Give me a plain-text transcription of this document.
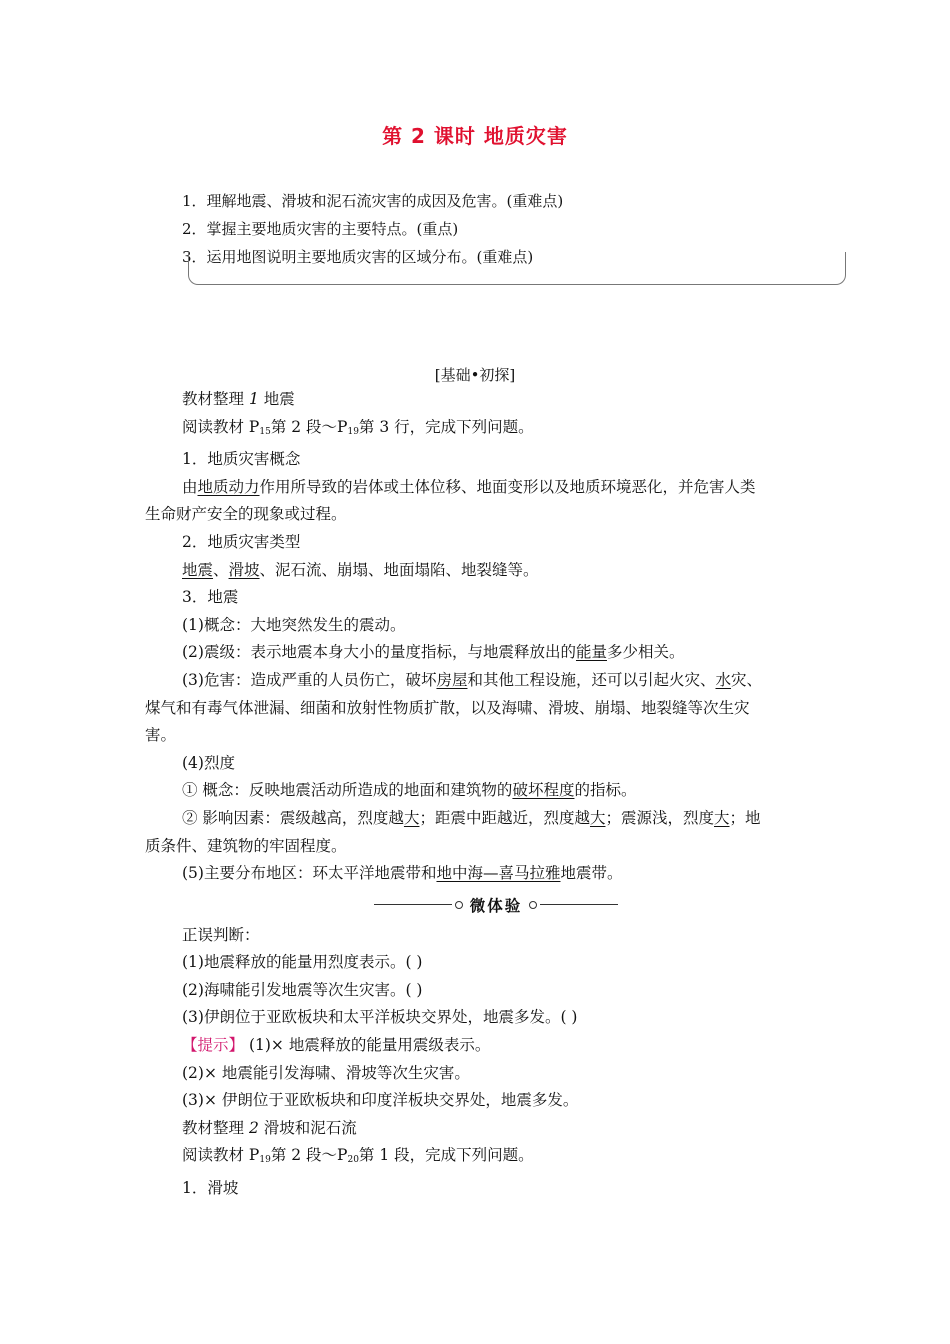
第 2 课时 地质灾害
1．理解地震、滑坡和泥石流灾害的成因及危害。(重难点)
2．掌握主要地质灾害的主要特点。(重点)
3．运用地图说明主要地质灾害的区域分布。(重难点)
[基础•初探]
教材整理 1 地震
阅读教材 $P_{15}$第 2 段$\sim P_{19}$第 3 行，完成下列问题。
1．地质灾害概念
由地质动力作用所导致的岩体或土体位移、地面变形以及地质环境恶化，并危害人类
生命财产安全的现象或过程。
2．地质灾害类型
地震、滑坡、泥石流、崩塌、地面塌陷、地裂缝等。
3．地震
(1)概念：大地突然发生的震动。
(2)震级：表示地震本身大小的量度指标，与地震释放出的能量多少相关。
(3)危害：造成严重的人员伤亡，破坏房屋和其他工程设施，还可以引起火灾、水灾、
煤气和有毒气体泄漏、细菌和放射性物质扩散，以及海啸、滑坡、崩塌、地裂缝等次生灾
害。
(4)烈度
① 概念：反映地震活动所造成的地面和建筑物的破坏程度的指标。
② 影响因素：震级越高，烈度越大；距震中距越近，烈度越大；震源浅，烈度大；地
质条件、建筑物的牢固程度。
(5)主要分布地区：环太平洋地震带和地中海—喜马拉雅地震带。
微体验
正误判断：
(1)地震释放的能量用烈度表示。( )
(2)海啸能引发地震等次生灾害。( )
(3)伊朗位于亚欧板块和太平洋板块交界处，地震多发。( )
【提示】 (1)× 地震释放的能量用震级表示。
(2)× 地震能引发海啸、滑坡等次生灾害。
(3)× 伊朗位于亚欧板块和印度洋板块交界处，地震多发。
教材整理 2 滑坡和泥石流
阅读教材 $P_{19}$第 2 段$\sim P_{20}$第 1 段，完成下列问题。
1．滑坡
